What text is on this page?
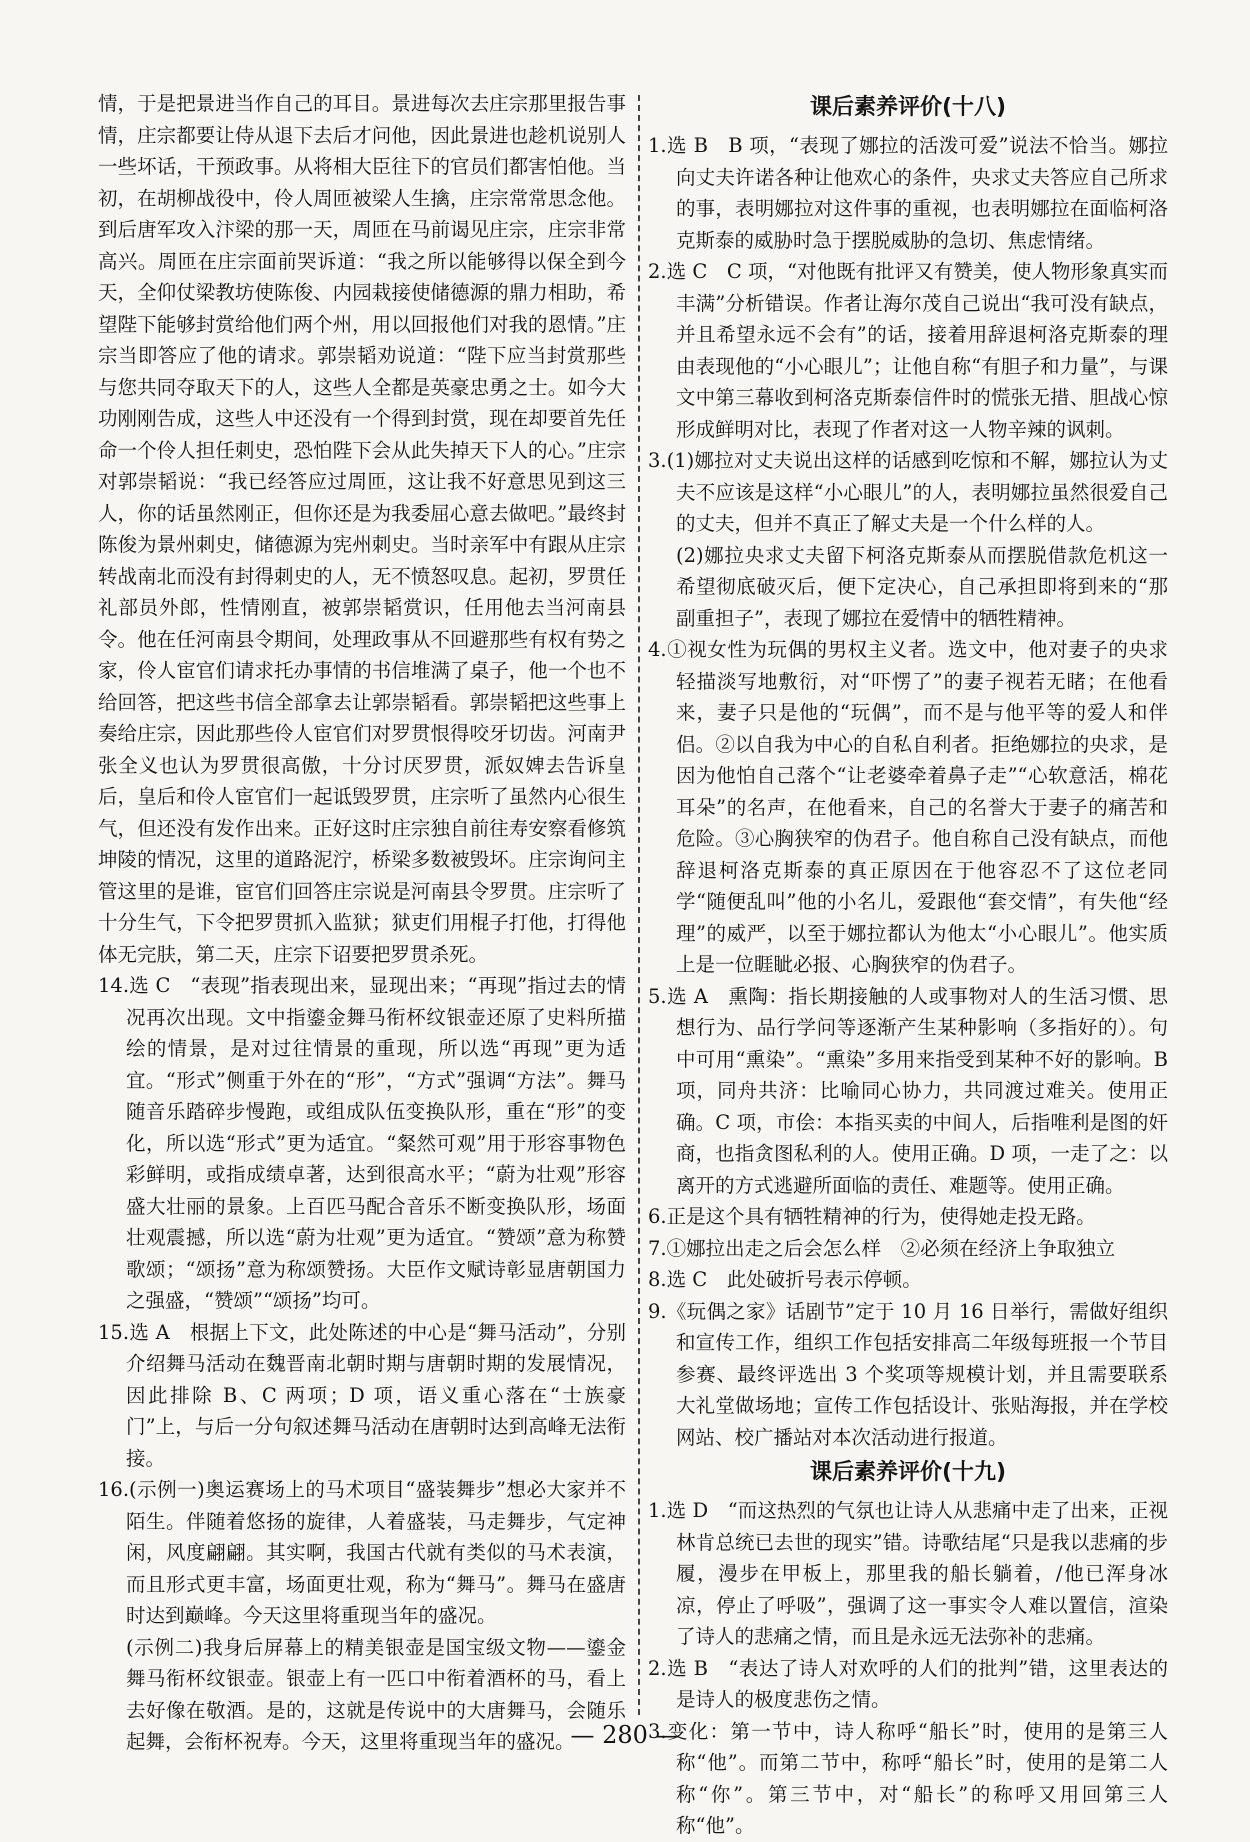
情，于是把景进当作自己的耳目。景进每次去庄宗那里报告事情，庄宗都要让侍从退下去后才问他，因此景进也趁机说别人一些坏话，干预政事。从将相大臣往下的官员们都害怕他。当初，在胡柳战役中，伶人周匝被梁人生擒，庄宗常常思念他。到后唐军攻入汴梁的那一天，周匝在马前谒见庄宗，庄宗非常高兴。周匝在庄宗面前哭诉道：“我之所以能够得以保全到今天，全仰仗梁教坊使陈俊、内园栽接使储德源的鼎力相助，希望陛下能够封赏给他们两个州，用以回报他们对我的恩情。”庄宗当即答应了他的请求。郭崇韬劝说道：“陛下应当封赏那些与您共同夺取天下的人，这些人全都是英豪忠勇之士。如今大功刚刚告成，这些人中还没有一个得到封赏，现在却要首先任命一个伶人担任刺史，恐怕陛下会从此失掉天下人的心。”庄宗对郭崇韬说：“我已经答应过周匝，这让我不好意思见到这三人，你的话虽然刚正，但你还是为我委屈心意去做吧。”最终封陈俊为景州刺史，储德源为宪州刺史。当时亲军中有跟从庄宗转战南北而没有封得刺史的人，无不愤怒叹息。起初，罗贯任礼部员外郎，性情刚直，被郭崇韬赏识，任用他去当河南县令。他在任河南县令期间，处理政事从不回避那些有权有势之家，伶人宦官们请求托办事情的书信堆满了桌子，他一个也不给回答，把这些书信全部拿去让郭崇韬看。郭崇韬把这些事上奏给庄宗，因此那些伶人宦官们对罗贯恨得咬牙切齿。河南尹张全义也认为罗贯很高傲，十分讨厌罗贯，派奴婢去告诉皇后，皇后和伶人宦官们一起诋毁罗贯，庄宗听了虽然内心很生气，但还没有发作出来。正好这时庄宗独自前往寿安察看修筑坤陵的情况，这里的道路泥泞，桥梁多数被毁坏。庄宗询问主管这里的是谁，宦官们回答庄宗说是河南县令罗贯。庄宗听了十分生气，下令把罗贯抓入监狱；狱吏们用棍子打他，打得他体无完肤，第二天，庄宗下诏要把罗贯杀死。

14.选 C　“表现”指表现出来，显现出来；“再现”指过去的情况再次出现。文中指鎏金舞马衔杯纹银壶还原了史料所描绘的情景，是对过往情景的重现，所以选“再现”更为适宜。“形式”侧重于外在的“形”，“方式”强调“方法”。舞马随音乐踏碎步慢跑，或组成队伍变换队形，重在“形”的变化，所以选“形式”更为适宜。“粲然可观”用于形容事物色彩鲜明，或指成绩卓著，达到很高水平；“蔚为壮观”形容盛大壮丽的景象。上百匹马配合音乐不断变换队形，场面壮观震撼，所以选“蔚为壮观”更为适宜。“赞颂”意为称赞歌颂；“颂扬”意为称颂赞扬。大臣作文赋诗彰显唐朝国力之强盛，“赞颂”“颂扬”均可。

15.选 A　根据上下文，此处陈述的中心是“舞马活动”，分别介绍舞马活动在魏晋南北朝时期与唐朝时期的发展情况，因此排除 B、C 两项；D 项，语义重心落在“士族豪门”上，与后一分句叙述舞马活动在唐朝时达到高峰无法衔接。

16.(示例一)奥运赛场上的马术项目“盛装舞步”想必大家并不陌生。伴随着悠扬的旋律，人着盛装，马走舞步，气定神闲，风度翩翩。其实啊，我国古代就有类似的马术表演，而且形式更丰富，场面更壮观，称为“舞马”。舞马在盛唐时达到巅峰。今天这里将重现当年的盛况。

(示例二)我身后屏幕上的精美银壶是国宝级文物——鎏金舞马衔杯纹银壶。银壶上有一匹口中衔着酒杯的马，看上去好像在敬酒。是的，这就是传说中的大唐舞马，会随乐起舞，会衔杯祝寿。今天，这里将重现当年的盛况。

课后素养评价(十八)

1.选 B　B 项，“表现了娜拉的活泼可爱”说法不恰当。娜拉向丈夫许诺各种让他欢心的条件，央求丈夫答应自己所求的事，表明娜拉对这件事的重视，也表明娜拉在面临柯洛克斯泰的威胁时急于摆脱威胁的急切、焦虑情绪。

2.选 C　C 项，“对他既有批评又有赞美，使人物形象真实而丰满”分析错误。作者让海尔茂自己说出“我可没有缺点，并且希望永远不会有”的话，接着用辞退柯洛克斯泰的理由表现他的“小心眼儿”；让他自称“有胆子和力量”，与课文中第三幕收到柯洛克斯泰信件时的慌张无措、胆战心惊形成鲜明对比，表现了作者对这一人物辛辣的讽刺。

3.(1)娜拉对丈夫说出这样的话感到吃惊和不解，娜拉认为丈夫不应该是这样“小心眼儿”的人，表明娜拉虽然很爱自己的丈夫，但并不真正了解丈夫是一个什么样的人。

(2)娜拉央求丈夫留下柯洛克斯泰从而摆脱借款危机这一希望彻底破灭后，便下定决心，自己承担即将到来的“那副重担子”，表现了娜拉在爱情中的牺牲精神。

4.①视女性为玩偶的男权主义者。选文中，他对妻子的央求轻描淡写地敷衍，对“吓愣了”的妻子视若无睹；在他看来，妻子只是他的“玩偶”，而不是与他平等的爱人和伴侣。②以自我为中心的自私自利者。拒绝娜拉的央求，是因为他怕自己落个“让老婆牵着鼻子走”“心软意活，棉花耳朵”的名声，在他看来，自己的名誉大于妻子的痛苦和危险。③心胸狭窄的伪君子。他自称自己没有缺点，而他辞退柯洛克斯泰的真正原因在于他容忍不了这位老同学“随便乱叫”他的小名儿，爱跟他“套交情”，有失他“经理”的威严，以至于娜拉都认为他太“小心眼儿”。他实质上是一位睚眦必报、心胸狭窄的伪君子。

5.选 A　熏陶：指长期接触的人或事物对人的生活习惯、思想行为、品行学问等逐渐产生某种影响（多指好的）。句中可用“熏染”。“熏染”多用来指受到某种不好的影响。B 项，同舟共济：比喻同心协力，共同渡过难关。使用正确。C 项，市侩：本指买卖的中间人，后指唯利是图的奸商，也指贪图私利的人。使用正确。D 项，一走了之：以离开的方式逃避所面临的责任、难题等。使用正确。

6.正是这个具有牺牲精神的行为，使得她走投无路。

7.①娜拉出走之后会怎么样　②必须在经济上争取独立

8.选 C　此处破折号表示停顿。

9.《玩偶之家》话剧节”定于 10 月 16 日举行，需做好组织和宣传工作，组织工作包括安排高二年级每班报一个节目参赛、最终评选出 3 个奖项等规模计划，并且需要联系大礼堂做场地；宣传工作包括设计、张贴海报，并在学校网站、校广播站对本次活动进行报道。

课后素养评价(十九)

1.选 D　“而这热烈的气氛也让诗人从悲痛中走了出来，正视林肯总统已去世的现实”错。诗歌结尾“只是我以悲痛的步履，漫步在甲板上，那里我的船长躺着，/他已浑身冰凉，停止了呼吸”，强调了这一事实令人难以置信，渲染了诗人的悲痛之情，而且是永远无法弥补的悲痛。

2.选 B　“表达了诗人对欢呼的人们的批判”错，这里表达的是诗人的极度悲伤之情。

3.变化：第一节中，诗人称呼“船长”时，使用的是第三人称“他”。而第二节中，称呼“船长”时，使用的是第二人称“你”。第三节中，对“船长”的称呼又用回第三人称“他”。

— 280 —
